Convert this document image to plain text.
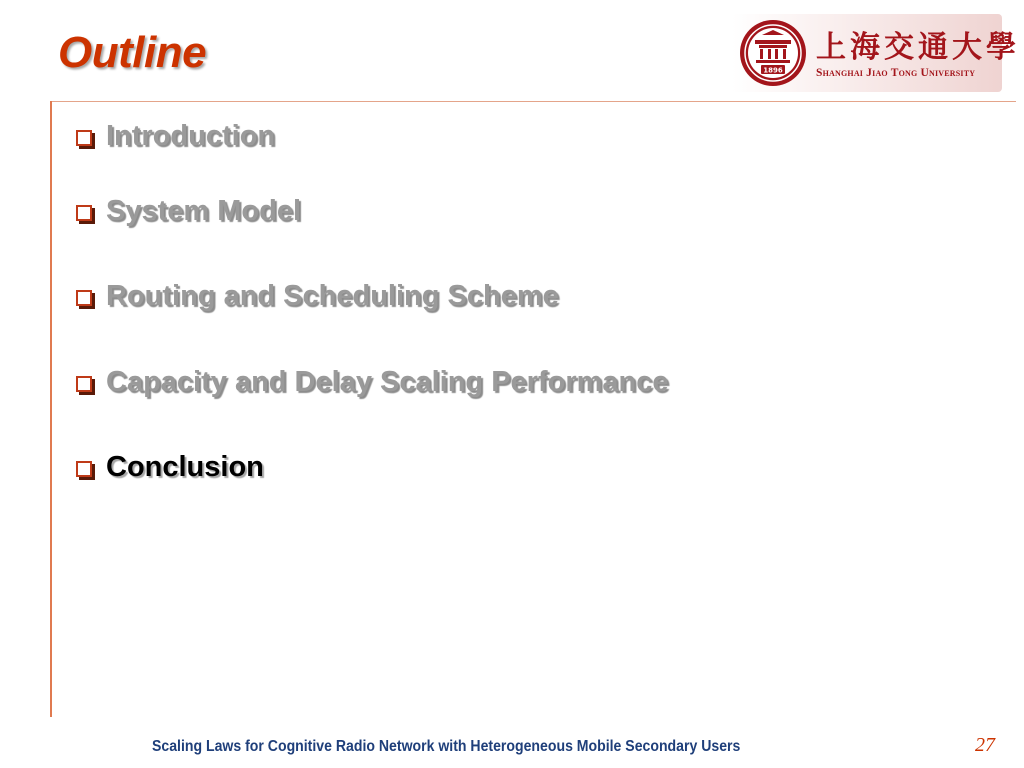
Outline	1896
上海交通大學
Shanghai Jiao Tong University
Introduction
System Model
Routing and Scheduling Scheme
Capacity and Delay Scaling Performance
Conclusion
Scaling Laws for Cognitive Radio Network with Heterogeneous Mobile Secondary Users	27
